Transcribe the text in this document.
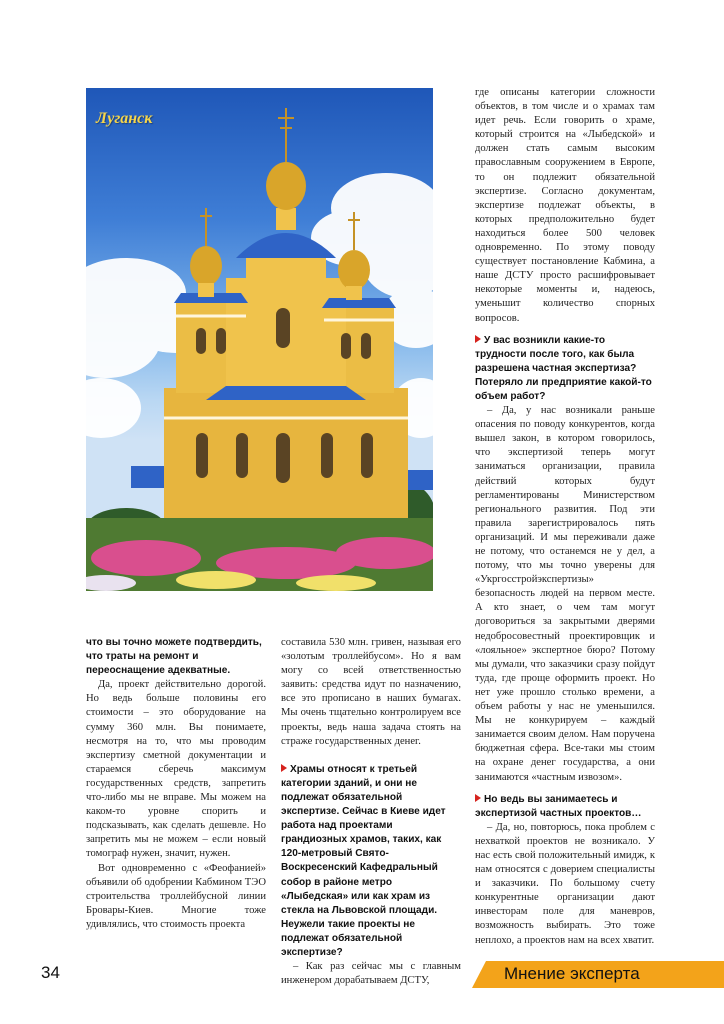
Луганск

что вы точно можете подтвердить, что траты на ремонт и переоснащение адекватные.

Да, проект действительно дорогой. Но ведь больше половины его стоимости – это оборудование на сумму 360 млн. Вы понимаете, несмотря на то, что мы проводим экспертизу сметной документации и стараемся сберечь максимум государственных средств, запретить что-либо мы не вправе. Мы можем на каком-то уровне спорить и подсказывать, как сделать дешевле. Но запретить мы не можем – если новый томограф нужен, значит, нужен.

Вот одновременно с «Феофанией» объявили об одобрении Кабмином ТЭО строительства троллейбусной линии Бровары-Киев. Многие тоже удивлялись, что стоимость проекта

составила 530 млн. гривен, называя его «золотым троллейбусом». Но я вам могу со всей ответственностью заявить: средства идут по назначению, все это прописано в наших бумагах. Мы очень тщательно контролируем все проекты, ведь наша задача стоять на страже государственных денег.

Храмы относят к третьей категории зданий, и они не подлежат обязательной экспертизе. Сейчас в Киеве идет работа над проектами грандиозных храмов, таких, как 120-метровый Свято-Воскресенский Кафедральный собор в районе метро «Лыбедская» или как храм из стекла на Львовской площади. Неужели такие проекты не подлежат обязательной экспертизе?

– Как раз сейчас мы с главным инженером дорабатываем ДСТУ,

где описаны категории сложности объектов, в том числе и о храмах там идет речь. Если говорить о храме, который строится на «Лыбедской» и должен стать самым высоким православным сооружением в Европе, то он подлежит обязательной экспертизе. Согласно документам, экспертизе подлежат объекты, в которых предположительно будет находиться более 500 человек одновременно. По этому поводу существует постановление Кабмина, а наше ДСТУ просто расшифровывает некоторые моменты и, надеюсь, уменьшит количество спорных вопросов.

У вас возникли какие-то трудности после того, как была разрешена частная экспертиза? Потеряло ли предприятие какой-то объем работ?

– Да, у нас возникали раньше опасения по поводу конкурентов, когда вышел закон, в котором говорилось, что экспертизой теперь могут заниматься организации, правила действий которых будут регламентированы Министерством регионального развития. Под эти правила зарегистрировалось пять организаций. И мы переживали даже не потому, что останемся не у дел, а потому, что мы точно уверены для «Укргосстройэкспертизы» безопасность людей на первом месте. А кто знает, о чем там могут договориться за закрытыми дверями недобросовестный проектировщик и «лояльное» экспертное бюро? Потому мы думали, что заказчики сразу пойдут туда, где проще оформить проект. Но нет уже прошло столько времени, а объем работы у нас не уменьшился. Мы не конкурируем – каждый занимается своим делом. Нам поручена бюджетная сфера. Все-таки мы стоим на охране денег государства, а они занимаются «частным извозом».

Но ведь вы занимаетесь и экспертизой частных проектов…

– Да, но, повторюсь, пока проблем с нехваткой проектов не возникало. У нас есть свой положительный имидж, к нам относятся с доверием специалисты и заказчики. По большому счету конкурентные организации дают инвесторам поле для маневров, возможность выбирать. Это тоже неплохо, а проектов нам на всех хватит.

34	Мнение эксперта
